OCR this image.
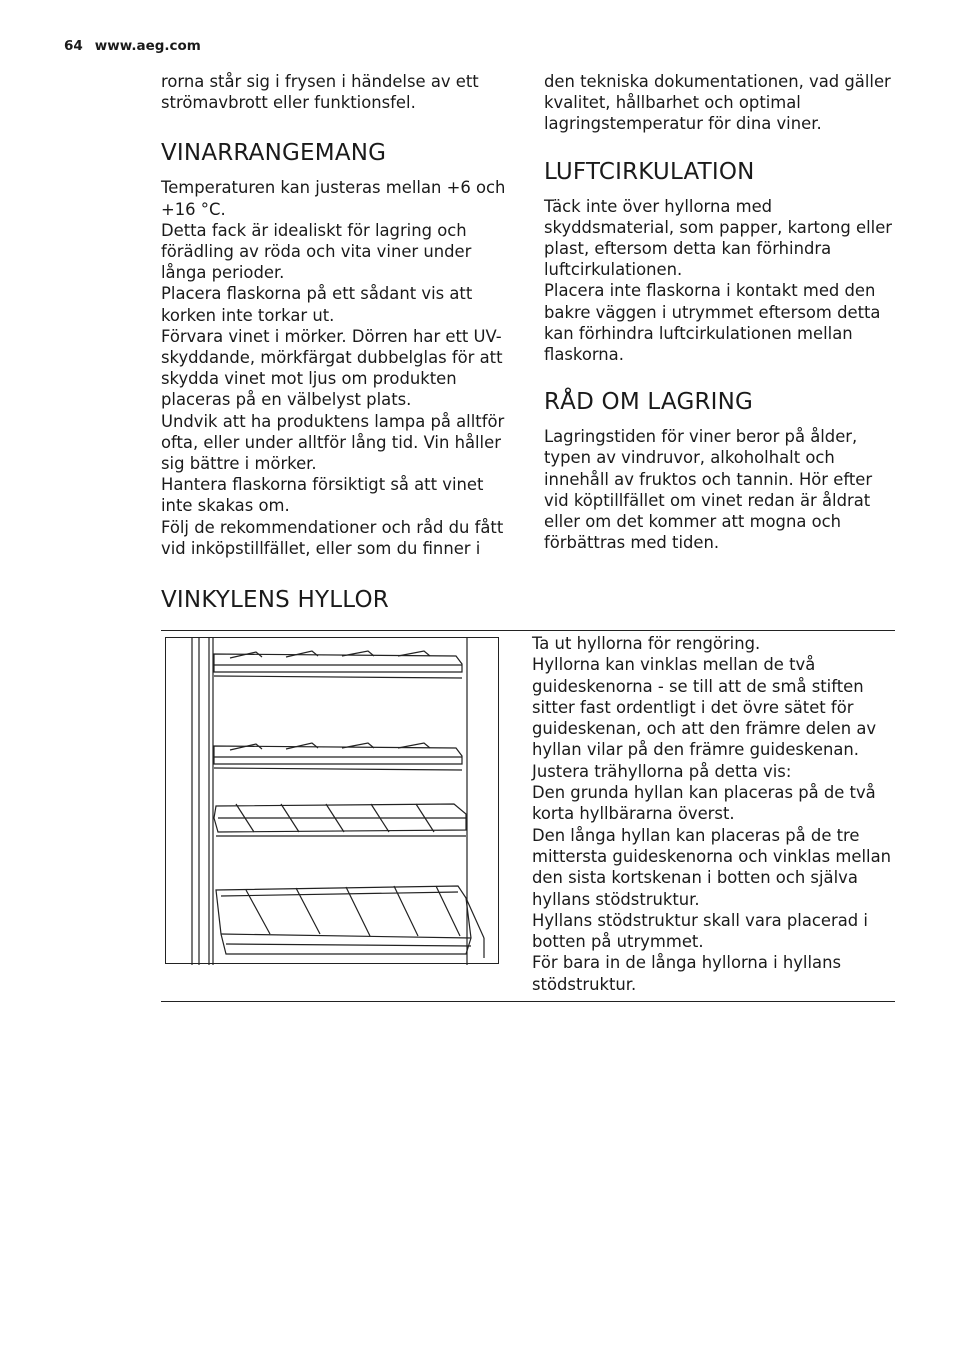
64 www.aeg.com

rorna står sig i frysen i händelse av ett strömavbrott eller funktionsfel.

VINARRANGEMANG

Temperaturen kan justeras mellan +6 och +16 °C.

Detta fack är idealiskt för lagring och förädling av röda och vita viner under långa perioder.

Placera flaskorna på ett sådant vis att korken inte torkar ut.

Förvara vinet i mörker. Dörren har ett UV-skyddande, mörkfärgat dubbelglas för att skydda vinet mot ljus om produkten placeras på en välbelyst plats.

Undvik att ha produktens lampa på alltför ofta, eller under alltför lång tid. Vin håller sig bättre i mörker.

Hantera flaskorna försiktigt så att vinet inte skakas om.

Följ de rekommendationer och råd du fått vid inköpstillfället, eller som du finner i

den tekniska dokumentationen, vad gäller kvalitet, hållbarhet och optimal lagringstemperatur för dina viner.

LUFTCIRKULATION

Täck inte över hyllorna med skyddsmaterial, som papper, kartong eller plast, eftersom detta kan förhindra luftcirkulationen.

Placera inte flaskorna i kontakt med den bakre väggen i utrymmet eftersom detta kan förhindra luftcirkulationen mellan flaskorna.

RÅD OM LAGRING

Lagringstiden för viner beror på ålder, typen av vindruvor, alkoholhalt och innehåll av fruktos och tannin. Hör efter vid köptillfället om vinet redan är åldrat eller om det kommer att mogna och förbättras med tiden.

VINKYLENS HYLLOR

Ta ut hyllorna för rengöring.

Hyllorna kan vinklas mellan de två guideskenorna - se till att de små stiften sitter fast ordentligt i det övre sätet för guideskenan, och att den främre delen av hyllan vilar på den främre guideskenan.

Justera trähyllorna på detta vis:

Den grunda hyllan kan placeras på de två korta hyllbärarna överst.

Den långa hyllan kan placeras på de tre mittersta guideskenorna och vinklas mellan den sista kortskenan i botten och själva hyllans stödstruktur.

Hyllans stödstruktur skall vara placerad i botten på utrymmet.

För bara in de långa hyllorna i hyllans stödstruktur.
